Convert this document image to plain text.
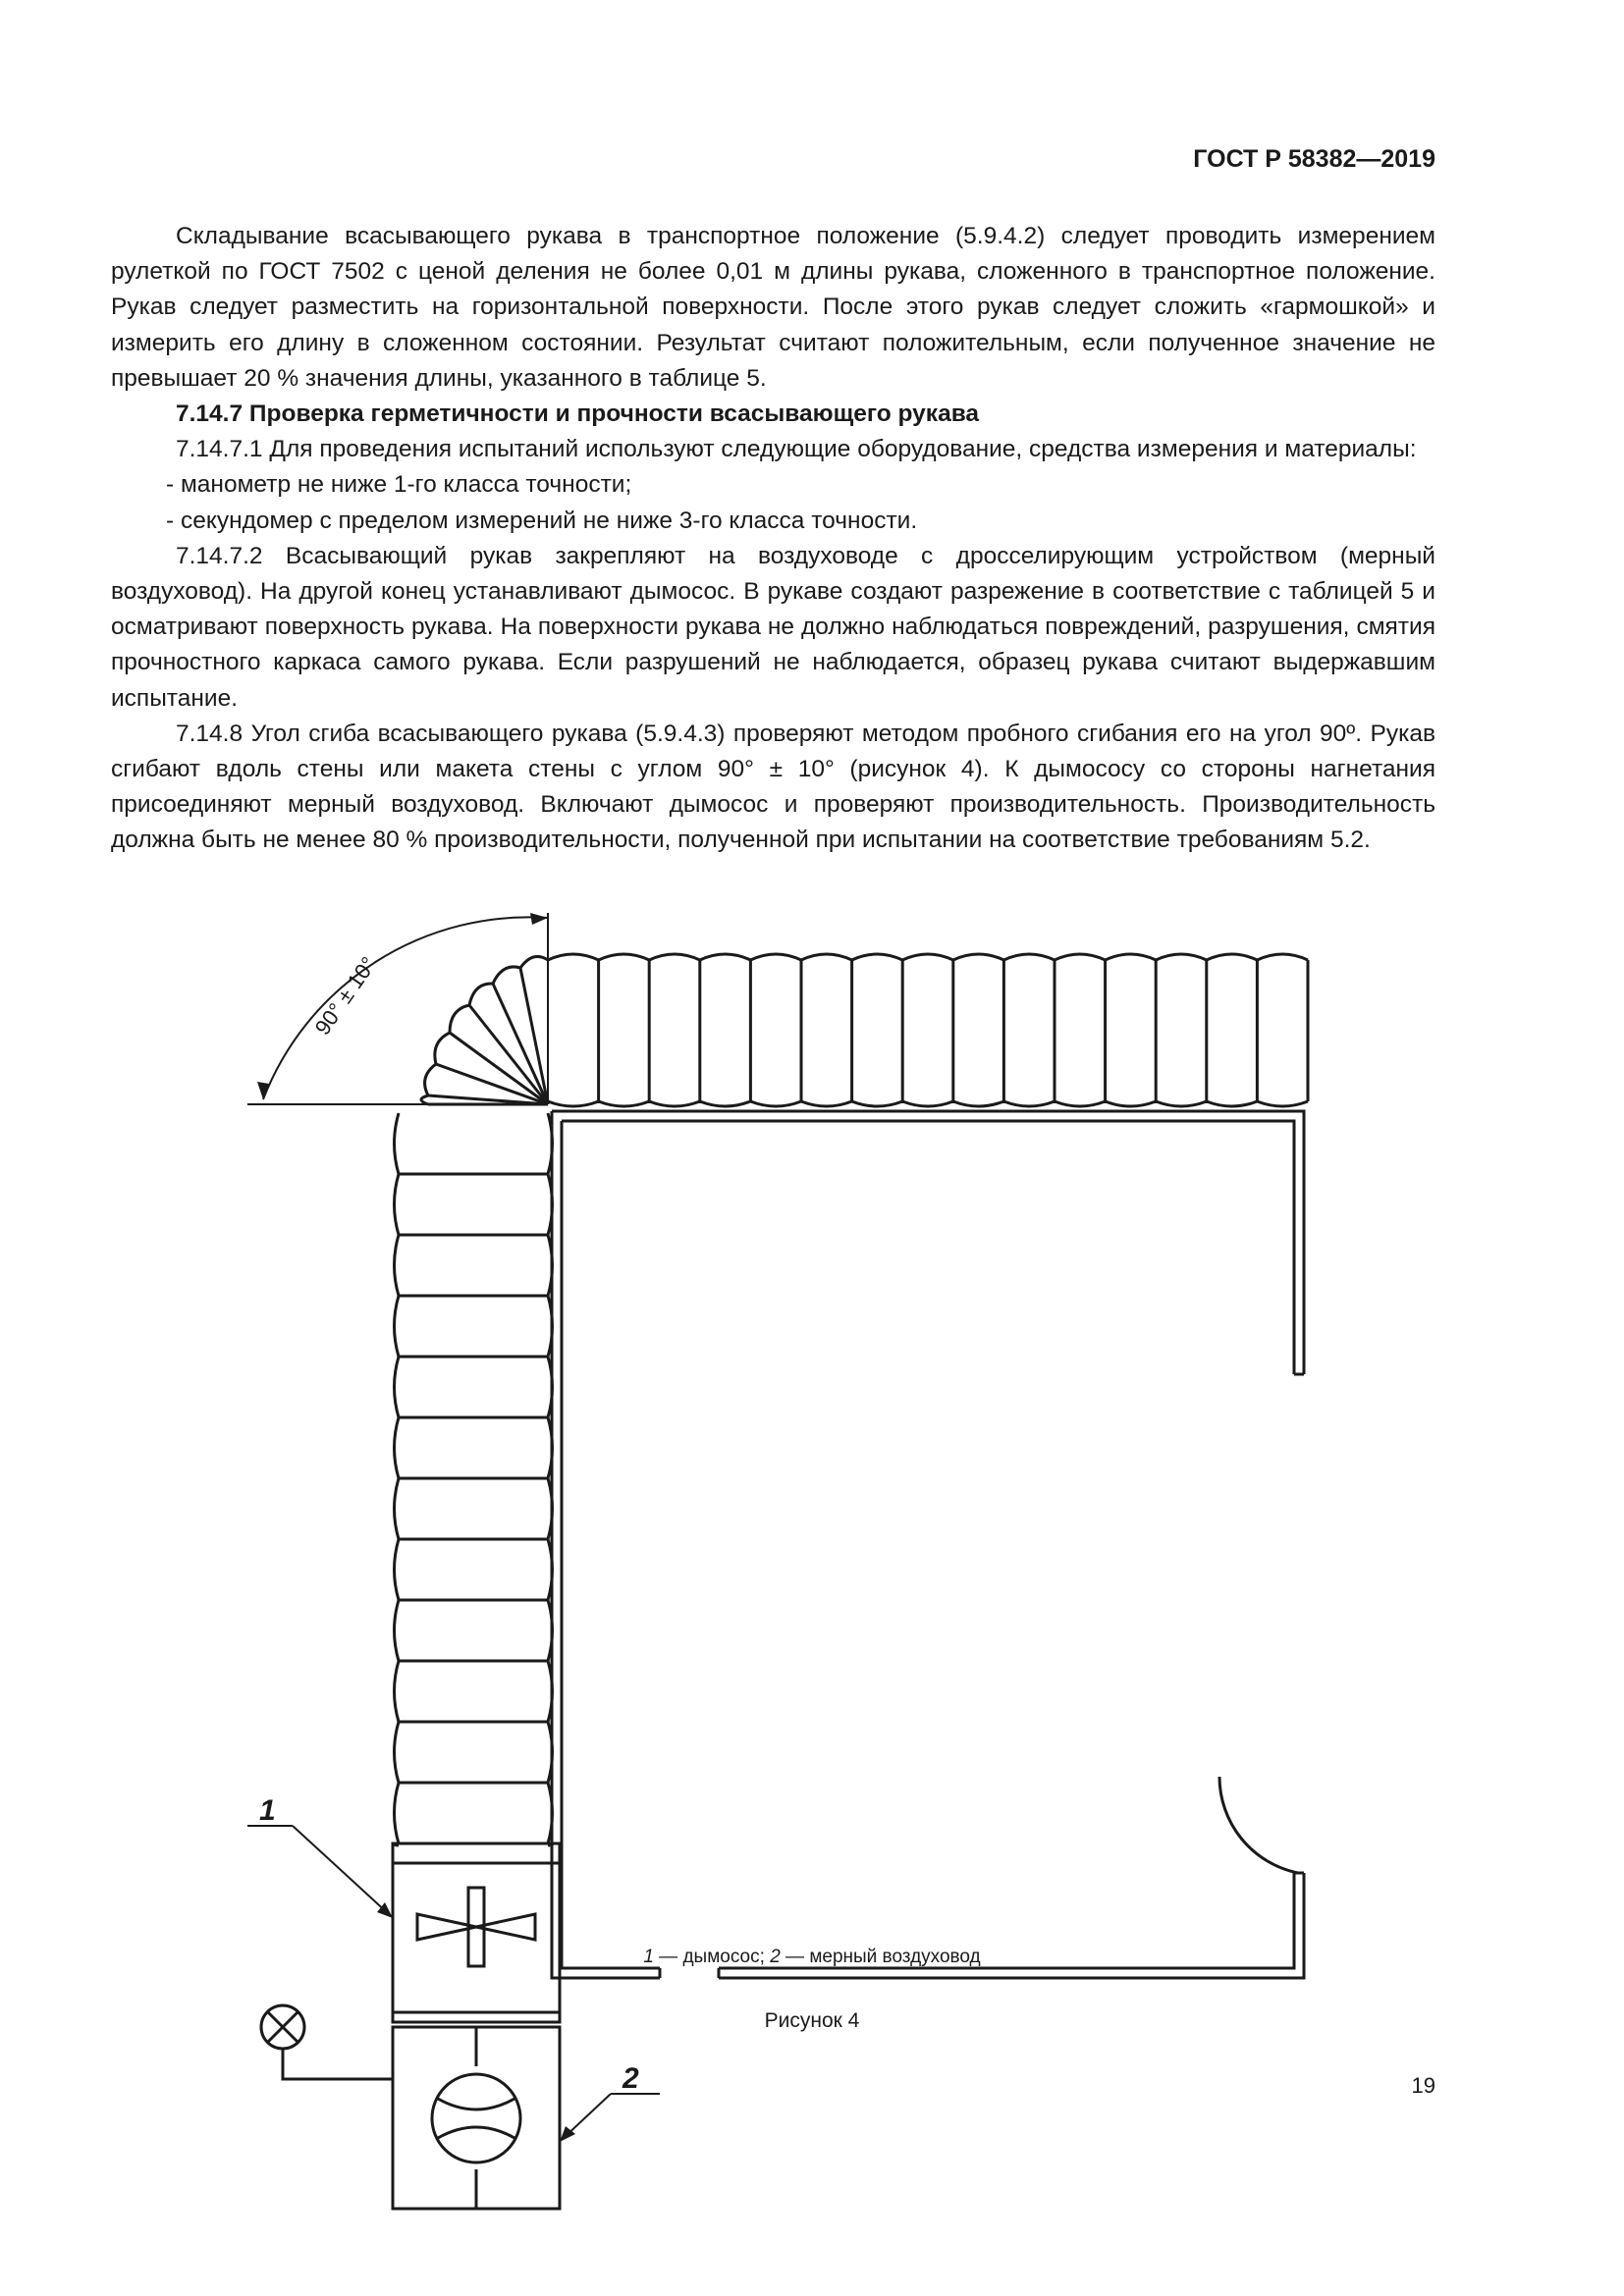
ГОСТ Р 58382—2019

Складывание всасывающего рукава в транспортное положение (5.9.4.2) следует проводить измерением рулеткой по ГОСТ 7502 с ценой деления не более 0,01 м длины рукава, сложенного в транспортное положение. Рукав следует разместить на горизонтальной поверхности. После этого рукав следует сложить «гармошкой» и измерить его длину в сложенном состоянии. Результат считают положительным, если полученное значение не превышает 20 % значения длины, указанного в таблице 5.

7.14.7 Проверка герметичности и прочности всасывающего рукава

7.14.7.1 Для проведения испытаний используют следующие оборудование, средства измерения и материалы:

- манометр не ниже 1-го класса точности;

- секундомер с пределом измерений не ниже 3-го класса точности.

7.14.7.2 Всасывающий рукав закрепляют на воздуховоде с дросселирующим устройством (мерный воздуховод). На другой конец устанавливают дымосос. В рукаве создают разрежение в соответствие с таблицей 5 и осматривают поверхность рукава. На поверхности рукава не должно наблюдаться повреждений, разрушения, смятия прочностного каркаса самого рукава. Если разрушений не наблюдается, образец рукава считают выдержавшим испытание.

7.14.8 Угол сгиба всасывающего рукава (5.9.4.3) проверяют методом пробного сгибания его на угол 90º. Рукав сгибают вдоль стены или макета стены с углом 90° ± 10° (рисунок 4). К дымососу со стороны нагнетания присоединяют мерный воздуховод. Включают дымосос и проверяют производительность. Производительность должна быть не менее 80 % производительности, полученной при испытании на соответствие требованиям 5.2.

90° ± 10°
1
2
1 — дымосос; 2 — мерный воздуховод
Рисунок 4
19
